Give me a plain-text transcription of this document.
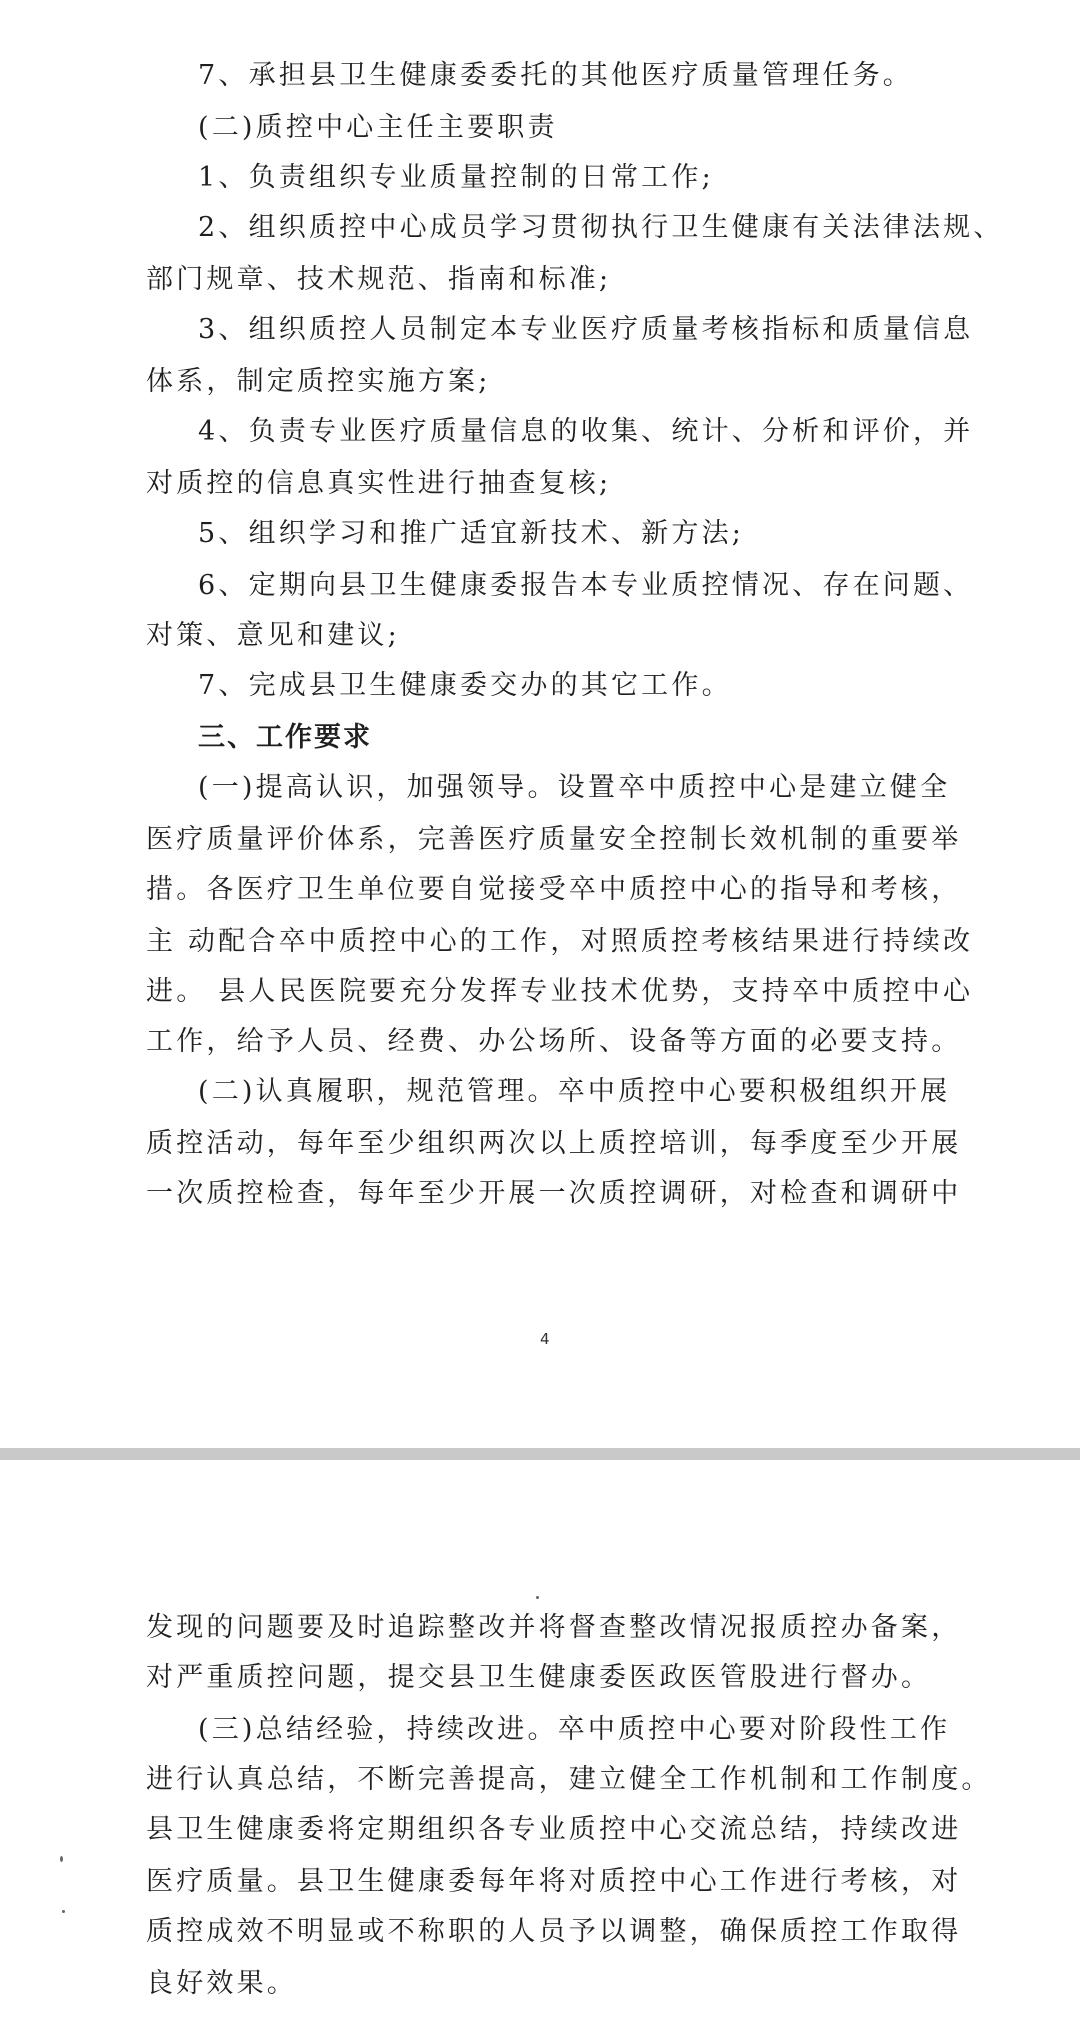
7、承担县卫生健康委委托的其他医疗质量管理任务。
(二)质控中心主任主要职责
1、负责组织专业质量控制的日常工作;
2、组织质控中心成员学习贯彻执行卫生健康有关法律法规、
部门规章、技术规范、指南和标准;
3、组织质控人员制定本专业医疗质量考核指标和质量信息
体系，制定质控实施方案;
4、负责专业医疗质量信息的收集、统计、分析和评价，并
对质控的信息真实性进行抽查复核;
5、组织学习和推广适宜新技术、新方法;
6、定期向县卫生健康委报告本专业质控情况、存在问题、
对策、意见和建议;
7、完成县卫生健康委交办的其它工作。
三、工作要求
(一)提高认识，加强领导。设置卒中质控中心是建立健全
医疗质量评价体系，完善医疗质量安全控制长效机制的重要举
措。各医疗卫生单位要自觉接受卒中质控中心的指导和考核，
主 动配合卒中质控中心的工作，对照质控考核结果进行持续改
进。 县人民医院要充分发挥专业技术优势，支持卒中质控中心
工作，给予人员、经费、办公场所、设备等方面的必要支持。
(二)认真履职，规范管理。卒中质控中心要积极组织开展
质控活动，每年至少组织两次以上质控培训，每季度至少开展
一次质控检查，每年至少开展一次质控调研，对检查和调研中
4
发现的问题要及时追踪整改并将督查整改情况报质控办备案，
对严重质控问题，提交县卫生健康委医政医管股进行督办。
(三)总结经验，持续改进。卒中质控中心要对阶段性工作
进行认真总结，不断完善提高，建立健全工作机制和工作制度。
县卫生健康委将定期组织各专业质控中心交流总结，持续改进
医疗质量。县卫生健康委每年将对质控中心工作进行考核，对
质控成效不明显或不称职的人员予以调整，确保质控工作取得
良好效果。
